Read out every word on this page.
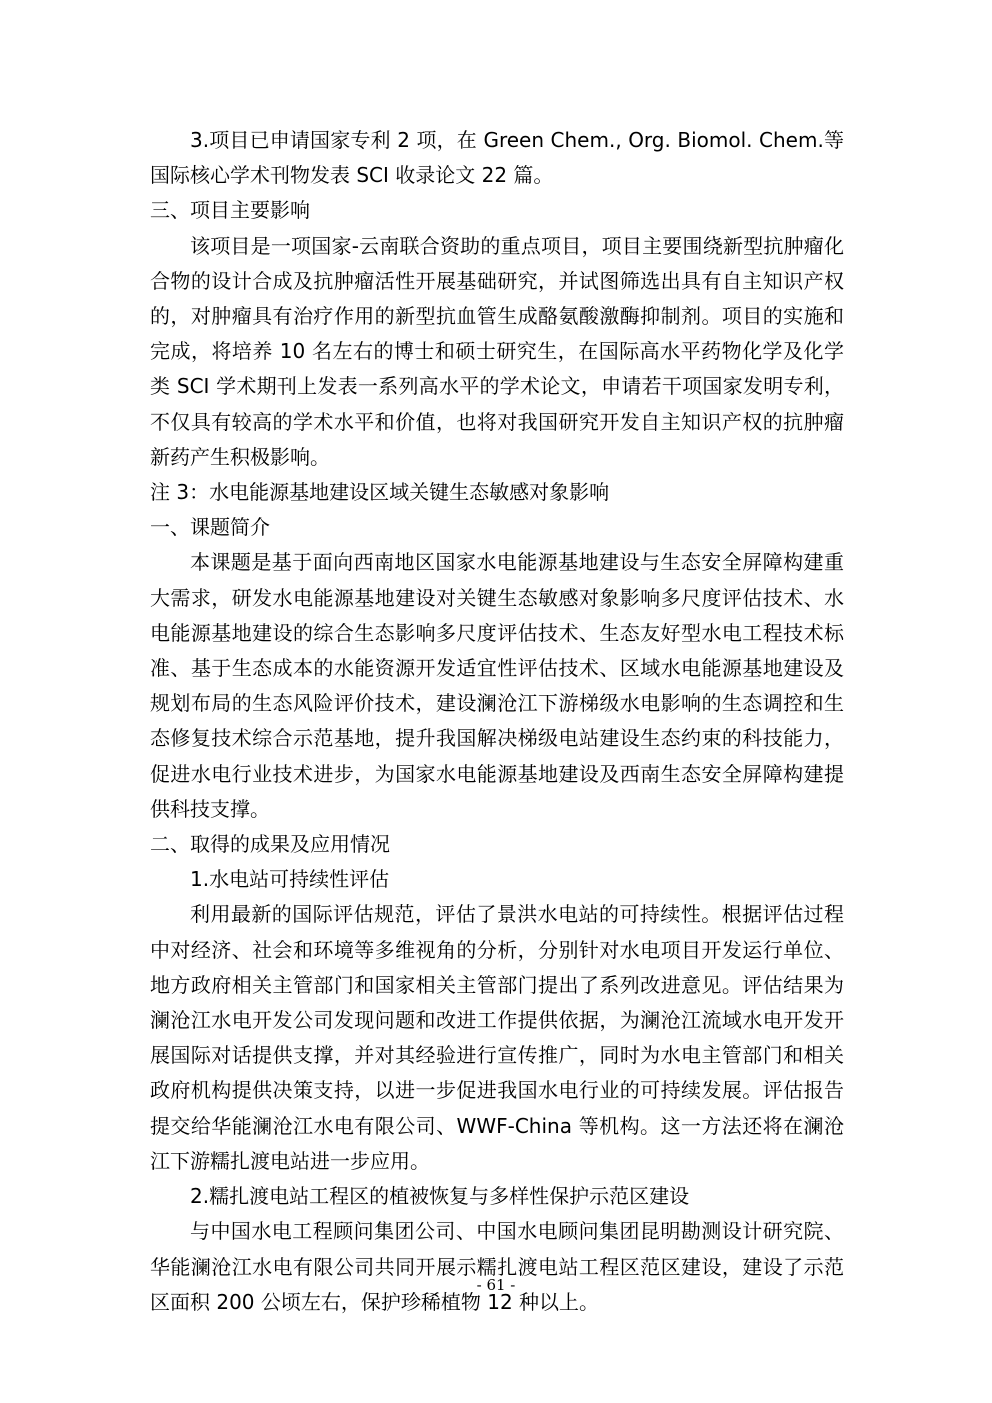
3.项目已申请国家专利 2 项，在 Green Chem., Org. Biomol. Chem.等国际核心学术刊物发表 SCI 收录论文 22 篇。

三、项目主要影响

该项目是一项国家-云南联合资助的重点项目，项目主要围绕新型抗肿瘤化合物的设计合成及抗肿瘤活性开展基础研究，并试图筛选出具有自主知识产权的，对肿瘤具有治疗作用的新型抗血管生成酪氨酸激酶抑制剂。项目的实施和完成，将培养 10 名左右的博士和硕士研究生，在国际高水平药物化学及化学类 SCI 学术期刊上发表一系列高水平的学术论文，申请若干项国家发明专利，不仅具有较高的学术水平和价值，也将对我国研究开发自主知识产权的抗肿瘤新药产生积极影响。

注 3：水电能源基地建设区域关键生态敏感对象影响

一、课题简介

本课题是基于面向西南地区国家水电能源基地建设与生态安全屏障构建重大需求，研发水电能源基地建设对关键生态敏感对象影响多尺度评估技术、水电能源基地建设的综合生态影响多尺度评估技术、生态友好型水电工程技术标准、基于生态成本的水能资源开发适宜性评估技术、区域水电能源基地建设及规划布局的生态风险评价技术，建设澜沧江下游梯级水电影响的生态调控和生态修复技术综合示范基地，提升我国解决梯级电站建设生态约束的科技能力，促进水电行业技术进步，为国家水电能源基地建设及西南生态安全屏障构建提供科技支撑。

二、取得的成果及应用情况

1.水电站可持续性评估

利用最新的国际评估规范，评估了景洪水电站的可持续性。根据评估过程中对经济、社会和环境等多维视角的分析，分别针对水电项目开发运行单位、地方政府相关主管部门和国家相关主管部门提出了系列改进意见。评估结果为澜沧江水电开发公司发现问题和改进工作提供依据，为澜沧江流域水电开发开展国际对话提供支撑，并对其经验进行宣传推广，同时为水电主管部门和相关政府机构提供决策支持，以进一步促进我国水电行业的可持续发展。评估报告提交给华能澜沧江水电有限公司、WWF-China 等机构。这一方法还将在澜沧江下游糯扎渡电站进一步应用。

2.糯扎渡电站工程区的植被恢复与多样性保护示范区建设

与中国水电工程顾问集团公司、中国水电顾问集团昆明勘测设计研究院、华能澜沧江水电有限公司共同开展示糯扎渡电站工程区范区建设，建设了示范区面积 200 公顷左右，保护珍稀植物 12 种以上。

- 61 -
